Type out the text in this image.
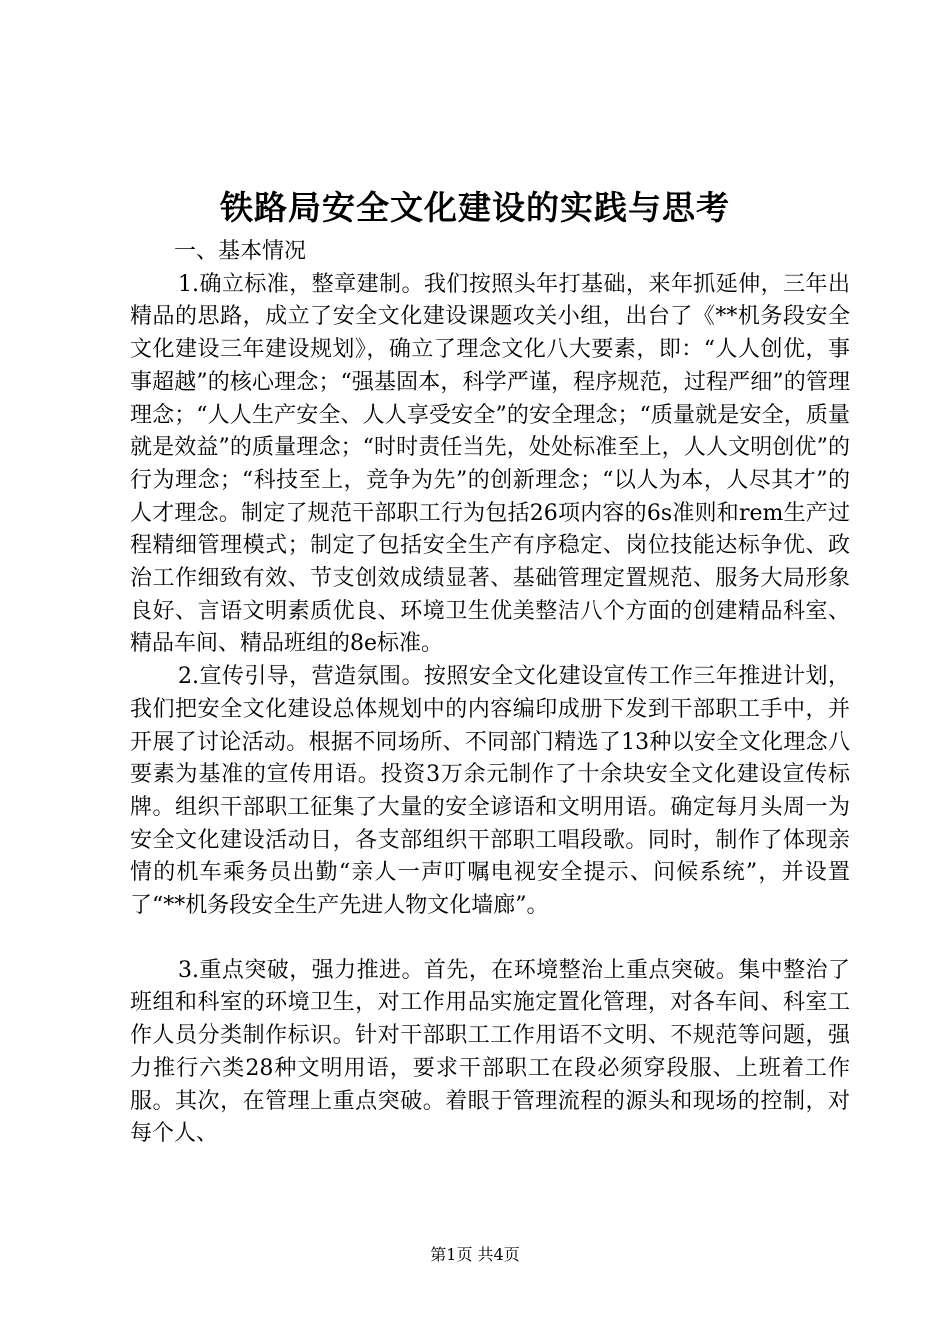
铁路局安全文化建设的实践与思考

一、基本情况

1.确立标准，整章建制。我们按照头年打基础，来年抓延伸，三年出精品的思路，成立了安全文化建设课题攻关小组，出台了《**机务段安全文化建设三年建设规划》，确立了理念文化八大要素，即：“人人创优，事事超越”的核心理念；“强基固本，科学严谨，程序规范，过程严细”的管理理念；“人人生产安全、人人享受安全”的安全理念；“质量就是安全，质量就是效益”的质量理念；“时时责任当先，处处标准至上，人人文明创优”的行为理念；“科技至上，竞争为先”的创新理念；“以人为本，人尽其才”的人才理念。制定了规范干部职工行为包括26项内容的6s准则和rem生产过程精细管理模式；制定了包括安全生产有序稳定、岗位技能达标争优、政治工作细致有效、节支创效成绩显著、基础管理定置规范、服务大局形象良好、言语文明素质优良、环境卫生优美整洁八个方面的创建精品科室、精品车间、精品班组的8e标准。

2.宣传引导，营造氛围。按照安全文化建设宣传工作三年推进计划，我们把安全文化建设总体规划中的内容编印成册下发到干部职工手中，并开展了讨论活动。根据不同场所、不同部门精选了13种以安全文化理念八要素为基准的宣传用语。投资3万余元制作了十余块安全文化建设宣传标牌。组织干部职工征集了大量的安全谚语和文明用语。确定每月头周一为安全文化建设活动日，各支部组织干部职工唱段歌。同时，制作了体现亲情的机车乘务员出勤“亲人一声叮嘱电视安全提示、问候系统”，并设置了“**机务段安全生产先进人物文化墙廊”。

3.重点突破，强力推进。首先，在环境整治上重点突破。集中整治了班组和科室的环境卫生，对工作用品实施定置化管理，对各车间、科室工作人员分类制作标识。针对干部职工工作用语不文明、不规范等问题，强力推行六类28种文明用语，要求干部职工在段必须穿段服、上班着工作服。其次，在管理上重点突破。着眼于管理流程的源头和现场的控制，对每个人、

第1页 共4页
